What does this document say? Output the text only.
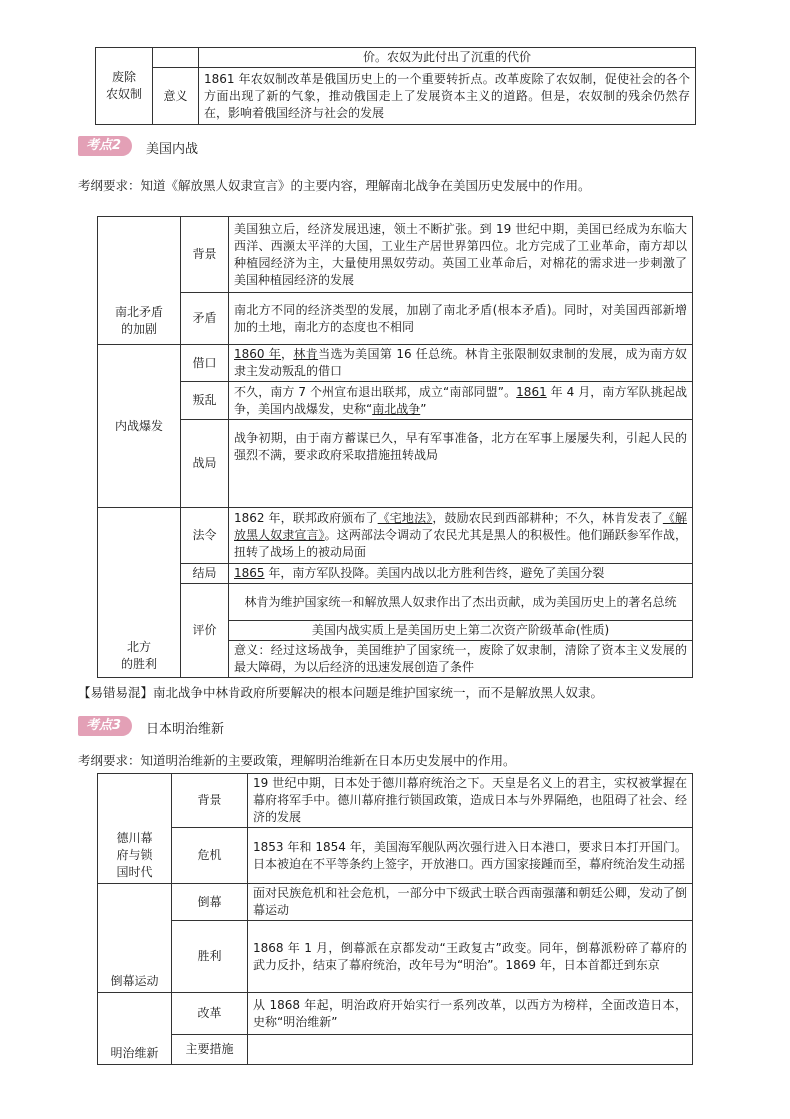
废除
农奴制		价。农奴为此付出了沉重的代价
	意义	1861 年农奴制改革是俄国历史上的一个重要转折点。改革废除了农奴制，促使社会的各个方面出现了新的气象，推动俄国走上了发展资本主义的道路。但是，农奴制的残余仍然存在，影响着俄国经济与社会的发展
考点2	美国内战
考纲要求：知道《解放黑人奴隶宣言》的主要内容，理解南北战争在美国历史发展中的作用。
南北矛盾
的加剧	背景	美国独立后，经济发展迅速，领土不断扩张。到 19 世纪中期，美国已经成为东临大西洋、西濒太平洋的大国，工业生产居世界第四位。北方完成了工业革命，南方却以种植园经济为主，大量使用黑奴劳动。英国工业革命后，对棉花的需求进一步刺激了美国种植园经济的发展
	矛盾	南北方不同的经济类型的发展，加剧了南北矛盾(根本矛盾)。同时，对美国西部新增加的土地，南北方的态度也不相同
内战爆发	借口	1860 年，林肯当选为美国第 16 任总统。林肯主张限制奴隶制的发展，成为南方奴隶主发动叛乱的借口
	叛乱	不久，南方 7 个州宣布退出联邦，成立“南部同盟”。1861 年 4 月，南方军队挑起战争，美国内战爆发，史称“南北战争”
	战局	战争初期，由于南方蓄谋已久，早有军事准备，北方在军事上屡屡失利，引起人民的强烈不满，要求政府采取措施扭转战局
北方
的胜利	法令	1862 年，联邦政府颁布了《宅地法》，鼓励农民到西部耕种；不久，林肯发表了《解放黑人奴隶宣言》。这两部法令调动了农民尤其是黑人的积极性。他们踊跃参军作战，扭转了战场上的被动局面
	结局	1865 年，南方军队投降。美国内战以北方胜利告终，避免了美国分裂
	评价	林肯为维护国家统一和解放黑人奴隶作出了杰出贡献，成为美国历史上的著名总统
		美国内战实质上是美国历史上第二次资产阶级革命(性质)
		意义：经过这场战争，美国维护了国家统一，废除了奴隶制，清除了资本主义发展的最大障碍，为以后经济的迅速发展创造了条件
【易错易混】南北战争中林肯政府所要解决的根本问题是维护国家统一，而不是解放黑人奴隶。
考点3	日本明治维新
考纲要求：知道明治维新的主要政策，理解明治维新在日本历史发展中的作用。
德川幕
府与锁
国时代	背景	19 世纪中期，日本处于德川幕府统治之下。天皇是名义上的君主，实权被掌握在幕府将军手中。德川幕府推行锁国政策，造成日本与外界隔绝，也阻碍了社会、经济的发展
	危机	1853 年和 1854 年，美国海军舰队两次强行进入日本港口，要求日本打开国门。日本被迫在不平等条约上签字，开放港口。西方国家接踵而至，幕府统治发生动摇
倒幕运动	倒幕	面对民族危机和社会危机，一部分中下级武士联合西南强藩和朝廷公卿，发动了倒幕运动
	胜利	1868 年 1 月，倒幕派在京都发动“王政复古”政变。同年，倒幕派粉碎了幕府的武力反扑，结束了幕府统治，改年号为“明治”。1869 年，日本首都迁到东京
明治维新	改革	从 1868 年起，明治政府开始实行一系列改革，以西方为榜样，全面改造日本，史称“明治维新”
	主要措施	
